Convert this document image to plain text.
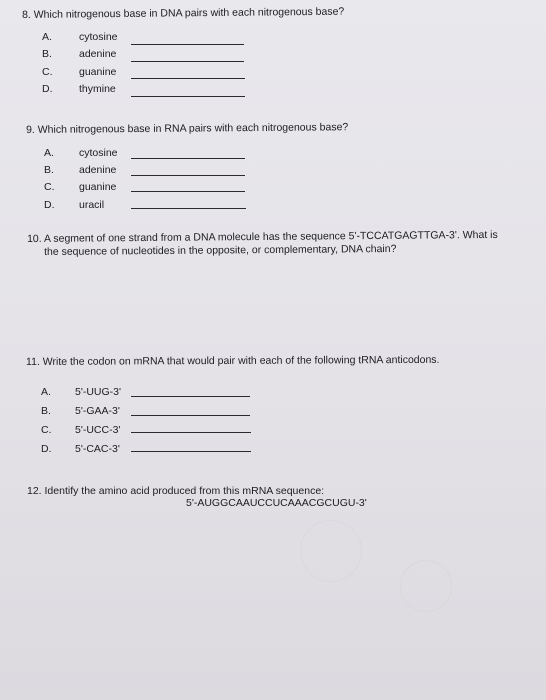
8. Which nitrogenous base in DNA pairs with each nitrogenous base?
A.	cytosine
B.	adenine
C.	guanine
D.	thymine
9. Which nitrogenous base in RNA pairs with each nitrogenous base?
A. cytosine
B. adenine
C. guanine
D. uracil
10. A segment of one strand from a DNA molecule has the sequence 5'-TCCATGAGTTGA-3'. What is
the sequence of nucleotides in the opposite, or complementary, DNA chain?
11. Write the codon on mRNA that would pair with each of the following tRNA anticodons.
A. 5'-UUG-3'
B. 5'-GAA-3'
C. 5'-UCC-3'
D. 5'-CAC-3'
12. Identify the amino acid produced from this mRNA sequence:
5'-AUGGCAAUCCUCAAACGCUGU-3'
